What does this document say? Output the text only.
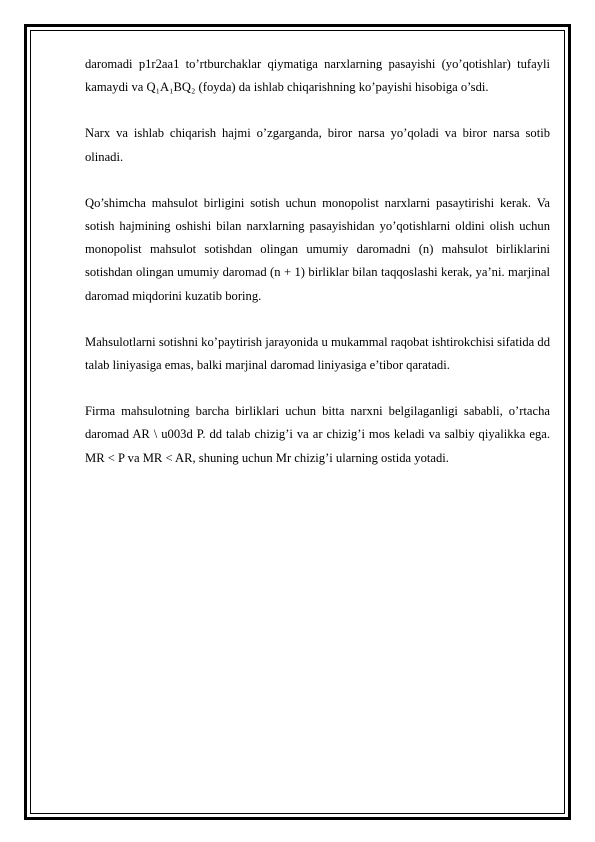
daromadi p1r2aa1 to’rtburchaklar qiymatiga narxlarning pasayishi (yo’qotishlar) tufayli kamaydi va Q₁A₁BQ₂ (foyda) da ishlab chiqarishning ko’payishi hisobiga o’sdi.

Narx va ishlab chiqarish hajmi o’zgarganda, biror narsa yo’qoladi va biror narsa sotib olinadi.

Qo’shimcha mahsulot birligini sotish uchun monopolist narxlarni pasaytirishi kerak. Va sotish hajmining oshishi bilan narxlarning pasayishidan yo’qotishlarni oldini olish uchun monopolist mahsulot sotishdan olingan umumiy daromadni (n) mahsulot birliklarini sotishdan olingan umumiy daromad (n + 1) birliklar bilan taqqoslashi kerak, ya’ni. marjinal daromad miqdorini kuzatib boring.

Mahsulotlarni sotishni ko’paytirish jarayonida u mukammal raqobat ishtirokchisi sifatida dd talab liniyasiga emas, balki marjinal daromad liniyasiga e’tibor qaratadi.

Firma mahsulotning barcha birliklari uchun bitta narxni belgilaganligi sababli, o’rtacha daromad AR \ u003d P. dd talab chizig’i va ar chizig’i mos keladi va salbiy qiyalikka ega. MR < P va MR < AR, shuning uchun Mr chizig’i ularning ostida yotadi.
